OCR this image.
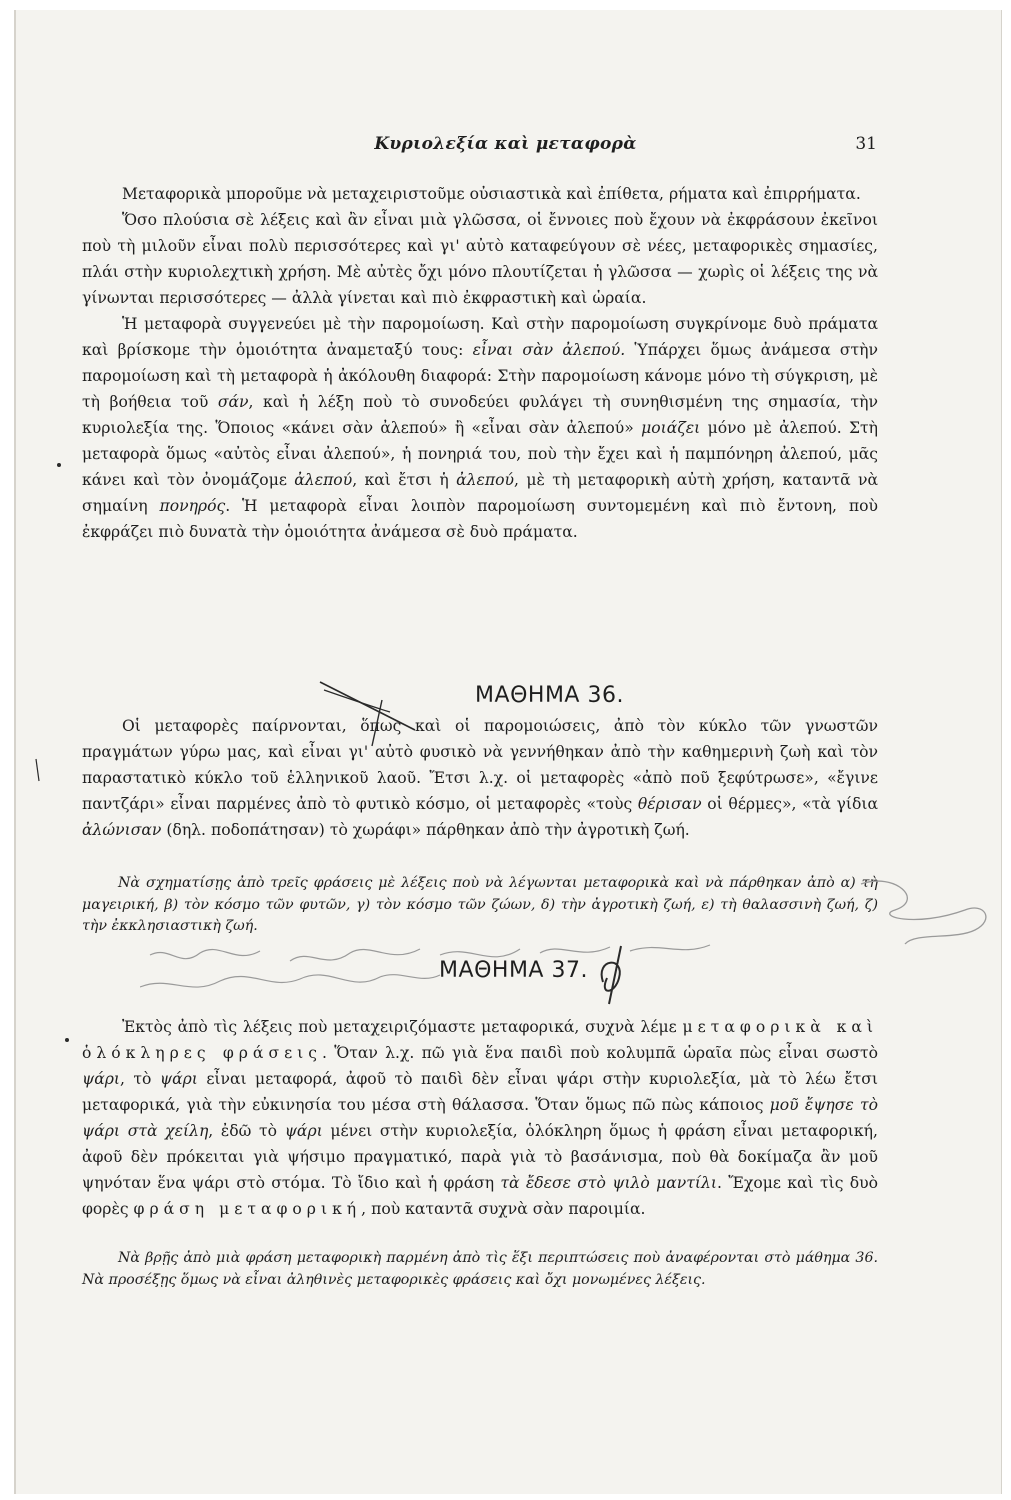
Κυριολεξία καὶ μεταφορὰ	31

Μεταφορικὰ μποροῦμε νὰ μεταχειριστοῦμε οὐσιαστικὰ καὶ ἐπίθετα, ρήματα καὶ ἐπιρρήματα.

Ὅσο πλούσια σὲ λέξεις καὶ ἂν εἶναι μιὰ γλῶσσα, οἱ ἔννοιες ποὺ ἔχουν νὰ ἐκφράσουν ἐκεῖνοι ποὺ τὴ μιλοῦν εἶναι πολὺ περισσότερες καὶ γι' αὐτὸ καταφεύγουν σὲ νέες, μεταφορικὲς σημασίες, πλάι στὴν κυριολεχτικὴ χρήση. Μὲ αὐτὲς ὄχι μόνο πλουτίζεται ἡ γλῶσσα — χωρὶς οἱ λέξεις της νὰ γίνωνται περισσότερες — ἀλλὰ γίνεται καὶ πιὸ ἐκφραστικὴ καὶ ὡραία.

Ἡ μεταφορὰ συγγενεύει μὲ τὴν παρομοίωση. Καὶ στὴν παρομοίωση συγκρίνομε δυὸ πράματα καὶ βρίσκομε τὴν ὁμοιότητα ἀναμεταξύ τους: εἶναι σὰν ἀλεπού. Ὑπάρχει ὅμως ἀνάμεσα στὴν παρομοίωση καὶ τὴ μεταφορὰ ἡ ἀκόλουθη διαφορά: Στὴν παρομοίωση κάνομε μόνο τὴ σύγκριση, μὲ τὴ βοήθεια τοῦ σάν, καὶ ἡ λέξη ποὺ τὸ συνοδεύει φυλάγει τὴ συνηθισμένη της σημασία, τὴν κυριολεξία της. Ὅποιος «κάνει σὰν ἀλεπού» ἢ «εἶναι σὰν ἀλεπού» μοιάζει μόνο μὲ ἀλεπού. Στὴ μεταφορὰ ὅμως «αὐτὸς εἶναι ἀλεπού», ἡ πονηριά του, ποὺ τὴν ἔχει καὶ ἡ παμπόνηρη ἀλεπού, μᾶς κάνει καὶ τὸν ὀνομάζομε ἀλεπού, καὶ ἔτσι ἡ ἀλεπού, μὲ τὴ μεταφορικὴ αὐτὴ χρήση, καταντᾶ νὰ σημαίνη πονηρός. Ἡ μεταφορὰ εἶναι λοιπὸν παρομοίωση συντομεμένη καὶ πιὸ ἔντονη, ποὺ ἐκφράζει πιὸ δυνατὰ τὴν ὁμοιότητα ἀνάμεσα σὲ δυὸ πράματα.

ΜΑΘΗΜΑ 36.

Οἱ μεταφορὲς παίρνονται, ὅπως καὶ οἱ παρομοιώσεις, ἀπὸ τὸν κύκλο τῶν γνωστῶν πραγμάτων γύρω μας, καὶ εἶναι γι' αὐτὸ φυσικὸ νὰ γεννήθηκαν ἀπὸ τὴν καθημερινὴ ζωὴ καὶ τὸν παραστατικὸ κύκλο τοῦ ἑλληνικοῦ λαοῦ. Ἔτσι λ.χ. οἱ μεταφορὲς «ἀπὸ ποῦ ξεφύτρωσε», «ἔγινε παντζάρι» εἶναι παρμένες ἀπὸ τὸ φυτικὸ κόσμο, οἱ μεταφορὲς «τοὺς θέρισαν οἱ θέρμες», «τὰ γίδια ἀλώνισαν (δηλ. ποδοπάτησαν) τὸ χωράφι» πάρθηκαν ἀπὸ τὴν ἀγροτικὴ ζωή.

Νὰ σχηματίσῃς ἀπὸ τρεῖς φράσεις μὲ λέξεις ποὺ νὰ λέγωνται μεταφορικὰ καὶ νὰ πάρθηκαν ἀπὸ α) τὴ μαγειρική, β) τὸν κόσμο τῶν φυτῶν, γ) τὸν κόσμο τῶν ζώων, δ) τὴν ἀγροτικὴ ζωή, ε) τὴ θαλασσινὴ ζωή, ζ) τὴν ἐκκλησιαστικὴ ζωή.

ΜΑΘΗΜΑ 37.

Ἐκτὸς ἀπὸ τὶς λέξεις ποὺ μεταχειριζόμαστε μεταφορικά, συχνὰ λέμε μεταφορικὰ καὶ ὁλόκληρες φράσεις. Ὅταν λ.χ. πῶ γιὰ ἕνα παιδὶ ποὺ κολυμπᾶ ὡραῖα πὼς εἶναι σωστὸ ψάρι, τὸ ψάρι εἶναι μεταφορά, ἀφοῦ τὸ παιδὶ δὲν εἶναι ψάρι στὴν κυριολεξία, μὰ τὸ λέω ἔτσι μεταφορικά, γιὰ τὴν εὐκινησία του μέσα στὴ θάλασσα. Ὅταν ὅμως πῶ πὼς κάποιος μοῦ ἔψησε τὸ ψάρι στὰ χείλη, ἐδῶ τὸ ψάρι μένει στὴν κυριολεξία, ὁλόκληρη ὅμως ἡ φράση εἶναι μεταφορική, ἀφοῦ δὲν πρόκειται γιὰ ψήσιμο πραγματικό, παρὰ γιὰ τὸ βασάνισμα, ποὺ θὰ δοκίμαζα ἂν μοῦ ψηνόταν ἕνα ψάρι στὸ στόμα. Τὸ ἴδιο καὶ ἡ φράση τὰ ἔδεσε στὸ ψιλὸ μαντίλι. Ἔχομε καὶ τὶς δυὸ φορὲς φράση μεταφορική, ποὺ καταντᾶ συχνὰ σὰν παροιμία.

Νὰ βρῇς ἀπὸ μιὰ φράση μεταφορικὴ παρμένη ἀπὸ τὶς ἕξι περιπτώσεις ποὺ ἀναφέρονται στὸ μάθημα 36. Νὰ προσέξῃς ὅμως νὰ εἶναι ἀληθινὲς μεταφορικὲς φράσεις καὶ ὄχι μονωμένες λέξεις.
